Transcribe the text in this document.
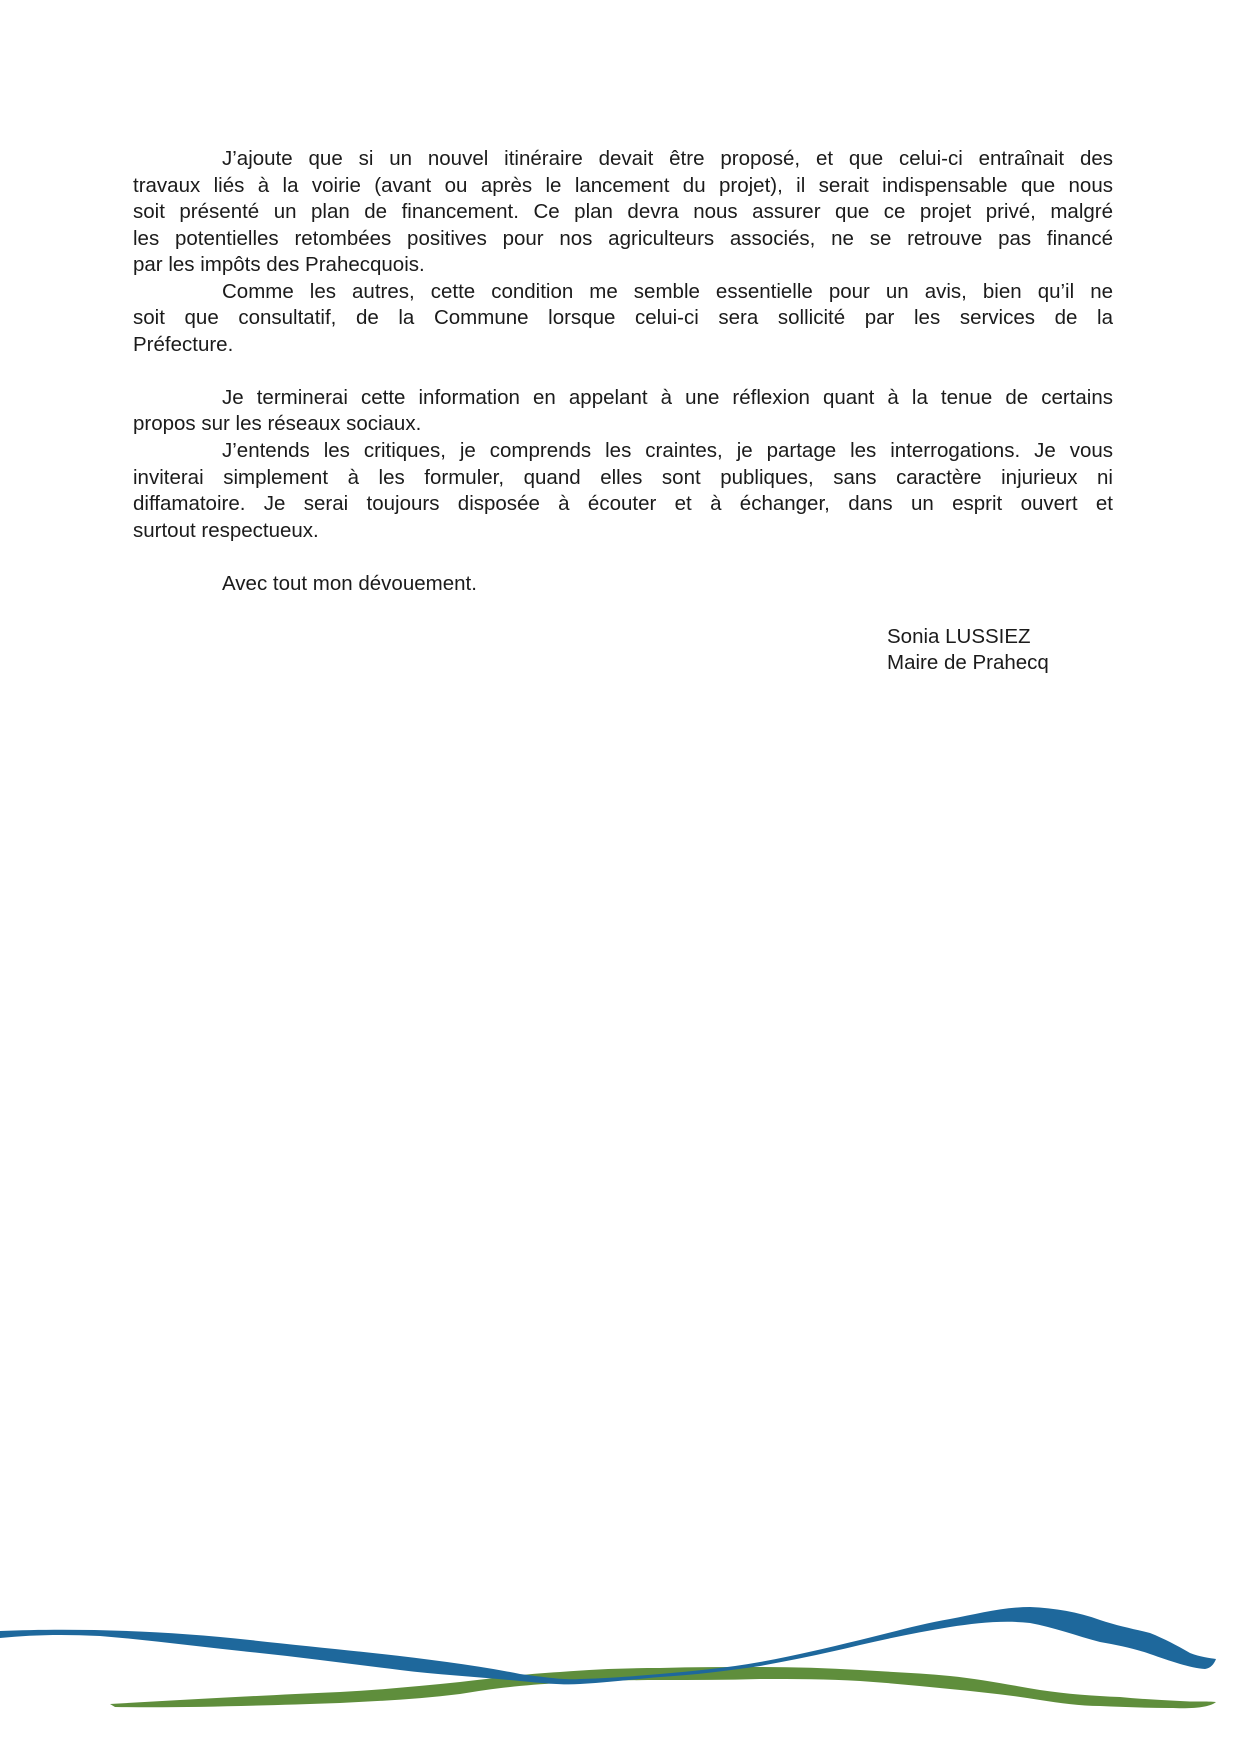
J’ajoute que si un nouvel itinéraire devait être proposé, et que celui-ci entraînait des
travaux liés à la voirie (avant ou après le lancement du projet), il serait indispensable que nous
soit présenté un plan de financement. Ce plan devra nous assurer que ce projet privé, malgré
les potentielles retombées positives pour nos agriculteurs associés, ne se retrouve pas financé
par les impôts des Prahecquois.
Comme les autres, cette condition me semble essentielle pour un avis, bien qu’il ne
soit que consultatif, de la Commune lorsque celui-ci sera sollicité par les services de la
Préfecture.
Je terminerai cette information en appelant à une réflexion quant à la tenue de certains
propos sur les réseaux sociaux.
J’entends les critiques, je comprends les craintes, je partage les interrogations. Je vous
inviterai simplement à les formuler, quand elles sont publiques, sans caractère injurieux ni
diffamatoire. Je serai toujours disposée à écouter et à échanger, dans un esprit ouvert et
surtout respectueux.
Avec tout mon dévouement.
Sonia LUSSIEZ
Maire de Prahecq
